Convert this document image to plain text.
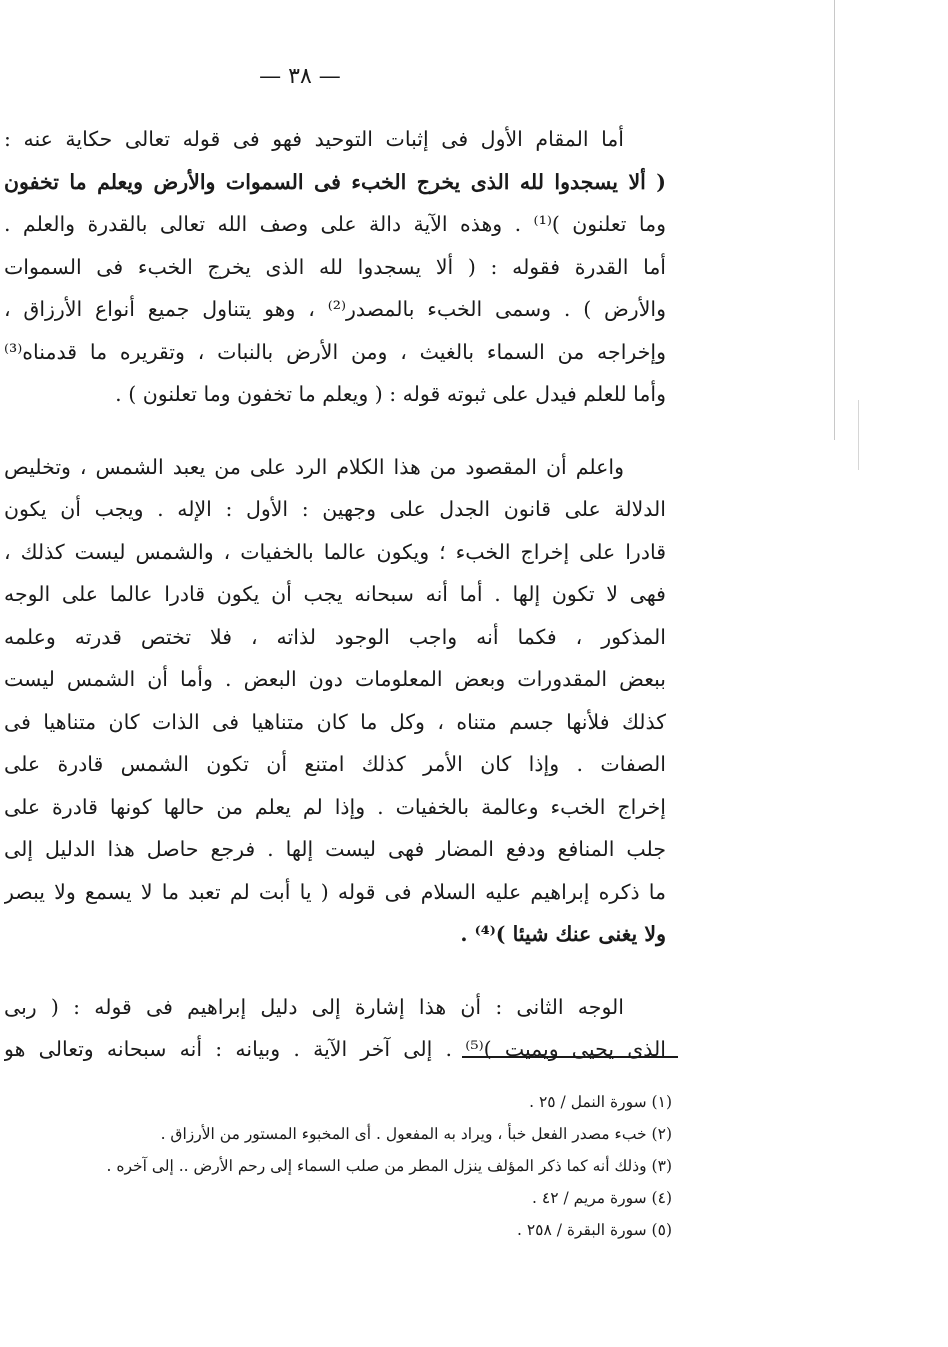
— ٣٨ —
أما المقام الأول فى إثبات التوحيد فهو فى قوله تعالى حكاية عنه :
( ألا يسجدوا لله الذى يخرج الخبء فى السموات والأرض ويعلم ما تخفون
وما تعلنون )⁽¹⁾ . وهذه الآية دالة على وصف الله تعالى بالقدرة والعلم .
أما القدرة فقوله : ( ألا يسجدوا لله الذى يخرج الخبء فى السموات
والأرض ) . وسمى الخبء بالمصدر⁽²⁾ ، وهو يتناول جميع أنواع الأرزاق ،
وإخراجه من السماء بالغيث ، ومن الأرض بالنبات ، وتقريره ما قدمناه⁽³⁾
وأما للعلم فيدل على ثبوته قوله : ( ويعلم ما تخفون وما تعلنون ) .
واعلم أن المقصود من هذا الكلام الرد على من يعبد الشمس ، وتخليص
الدلالة على قانون الجدل على وجهين : الأول : الإله . ويجب أن يكون
قادرا على إخراج الخبء ؛ ويكون عالما بالخفيات ، والشمس ليست كذلك ،
فهى لا تكون إلها . أما أنه سبحانه يجب أن يكون قادرا عالما على الوجه
المذكور ، فكما أنه واجب الوجود لذاته ، فلا تختص قدرته وعلمه
ببعض المقدورات وبعض المعلومات دون البعض . وأما أن الشمس ليست
كذلك فلأنها جسم متناه ، وكل ما كان متناهيا فى الذات كان متناهيا فى
الصفات . وإذا كان الأمر كذلك امتنع أن تكون الشمس قادرة على
إخراج الخبء وعالمة بالخفيات . وإذا لم يعلم من حالها كونها قادرة على
جلب المنافع ودفع المضار فهى ليست إلها . فرجع حاصل هذا الدليل إلى
ما ذكره إبراهيم عليه السلام فى قوله ( يا أبت لم تعبد ما لا يسمع ولا يبصر
ولا يغنى عنك شيئا )⁽⁴⁾ .
الوجه الثانى : أن هذا إشارة إلى دليل إبراهيم فى قوله : ( ربى
الذى يحيى ويميت )⁽⁵⁾ . إلى آخر الآية . وبيانه : أنه سبحانه وتعالى هو
(١) سورة النمل / ٢٥ .
(٢) خبء مصدر الفعل خبأ ، ويراد به المفعول . أى المخبوء المستور من الأرزاق .
(٣) وذلك أنه كما ذكر المؤلف ينزل المطر من صلب السماء إلى رحم الأرض .. إلى آخره .
(٤) سورة مريم / ٤٢ .
(٥) سورة البقرة / ٢٥٨ .
